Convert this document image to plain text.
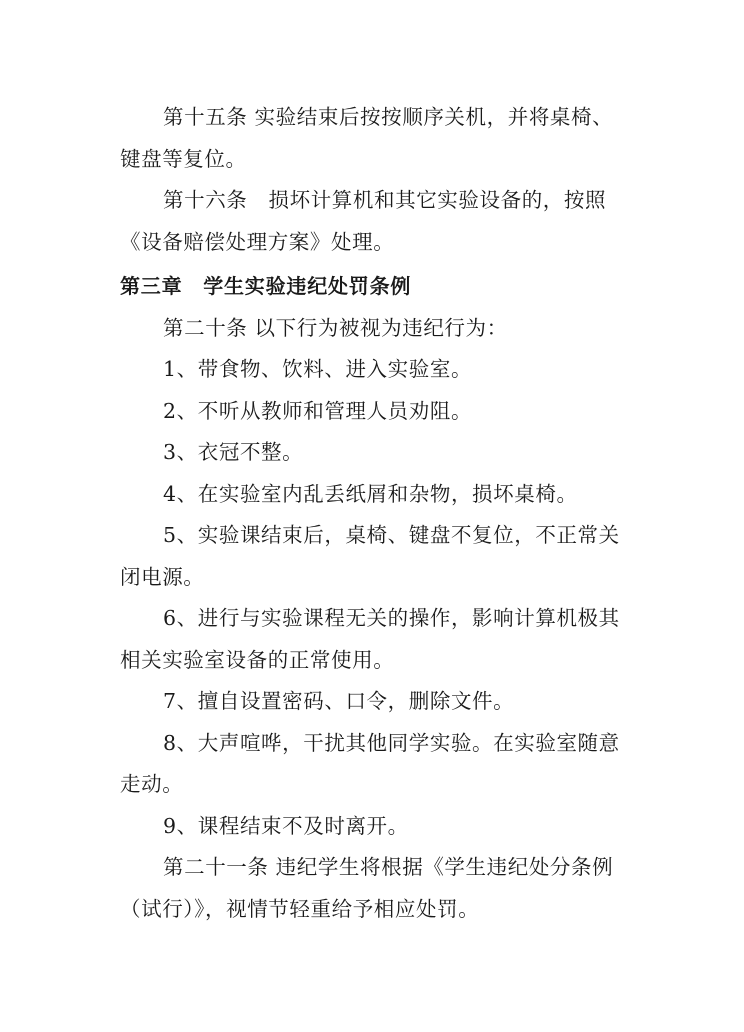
第十五条 实验结束后按按顺序关机，并将桌椅、
键盘等复位。
第十六条　损坏计算机和其它实验设备的，按照
《设备赔偿处理方案》处理。
第三章　学生实验违纪处罚条例
第二十条 以下行为被视为违纪行为：
1、带食物、饮料、进入实验室。
2、不听从教师和管理人员劝阻。
3、衣冠不整。
4、在实验室内乱丢纸屑和杂物，损坏桌椅。
5、实验课结束后，桌椅、键盘不复位，不正常关
闭电源。
6、进行与实验课程无关的操作，影响计算机极其
相关实验室设备的正常使用。
7、擅自设置密码、口令，删除文件。
8、大声喧哗，干扰其他同学实验。在实验室随意
走动。
9、课程结束不及时离开。
第二十一条 违纪学生将根据《学生违纪处分条例
（试行）》，视情节轻重给予相应处罚。
